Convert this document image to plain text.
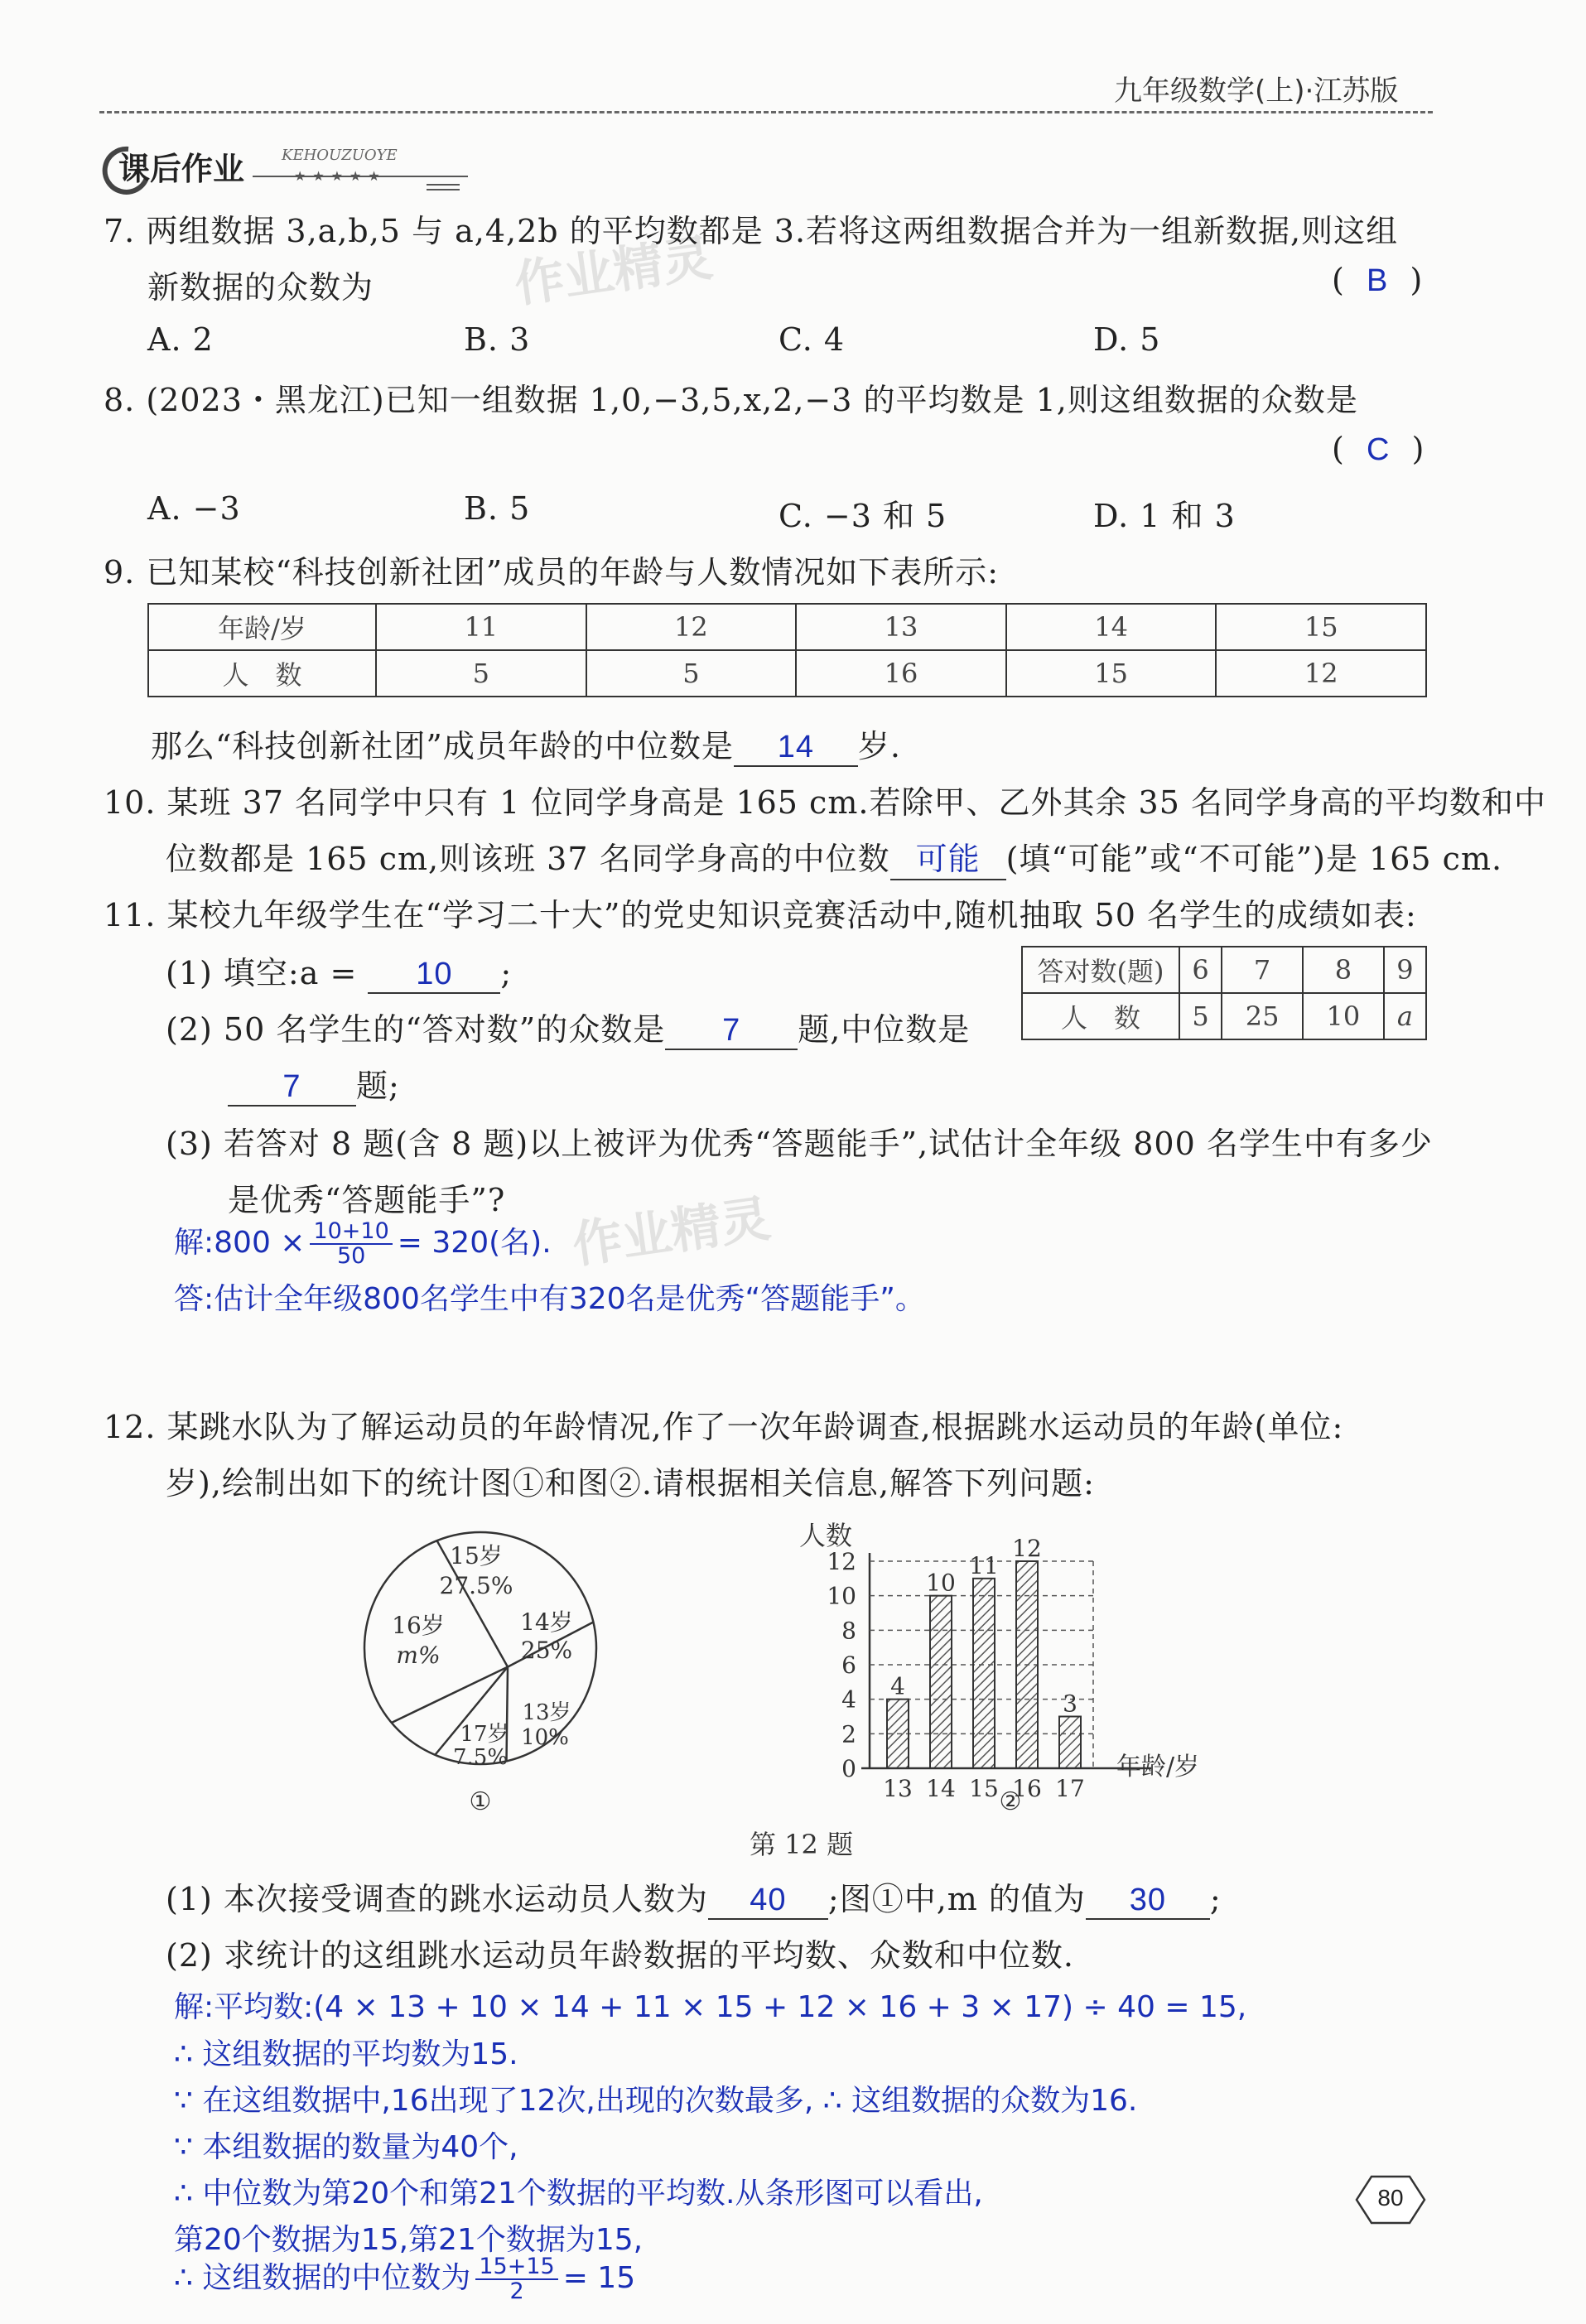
九年级数学(上)·江苏版
课后作业 KEHOUZUOYE
★★★★★
作业精灵
作业精灵
7. 两组数据 3,a,b,5 与 a,4,2b 的平均数都是 3.若将这两组数据合并为一组新数据,则这组
新数据的众数为	(  B  )
A. 2	B. 3	C. 4	D. 5
8. (2023・黑龙江)已知一组数据 1,0,−3,5,x,2,−3 的平均数是 1,则这组数据的众数是
(  C  )
A. −3	B. 5	C. −3 和 5	D. 1 和 3
9. 已知某校“科技创新社团”成员的年龄与人数情况如下表所示:
年龄/岁	11	12	13	14	15
人　数	5	5	16	15	12
那么“科技创新社团”成员年龄的中位数是 14 岁.
10. 某班 37 名同学中只有 1 位同学身高是 165 cm.若除甲、乙外其余 35 名同学身高的平均数和中
位数都是 165 cm,则该班 37 名同学身高的中位数 可能 (填“可能”或“不可能”)是 165 cm.
11. 某校九年级学生在“学习二十大”的党史知识竞赛活动中,随机抽取 50 名学生的成绩如表:
(1) 填空:a = 10 ;
(2) 50 名学生的“答对数”的众数是 7 题,中位数是
7 题;
答对数(题)	6	7	8	9
人　数	5	25	10	a
(3) 若答对 8 题(含 8 题)以上被评为优秀“答题能手”,试估计全年级 800 名学生中有多少
是优秀“答题能手”?
解:800 × $\frac{10+10}{50} = 320$(名).
答:估计全年级800名学生中有320名是优秀“答题能手”。
12. 某跳水队为了解运动员的年龄情况,作了一次年龄调查,根据跳水运动员的年龄(单位:
岁),绘制出如下的统计图①和图②.请根据相关信息,解答下列问题:
15岁
27.5%
14岁
25%
13岁
10%
17岁
7.5%
16岁
m%
①
4
10
11
12
3
0
2
4
6
8
10
12
13 14 15 16 17
人数
年龄/岁
②
第 12 题
(1) 本次接受调查的跳水运动员人数为 40 ;图①中,m 的值为 30 ;
(2) 求统计的这组跳水运动员年龄数据的平均数、众数和中位数.
解:平均数:(4 × 13 + 10 × 14 + 11 × 15 + 12 × 16 + 3 × 17) ÷ 40 = 15,
∴ 这组数据的平均数为15.
∵ 在这组数据中,16出现了12次,出现的次数最多, ∴ 这组数据的众数为16.
∵ 本组数据的数量为40个,
∴ 中位数为第20个和第21个数据的平均数.从条形图可以看出,
第20个数据为15,第21个数据为15,
∴ 这组数据的中位数为 $\frac{15+15}{2} = 15$
80
